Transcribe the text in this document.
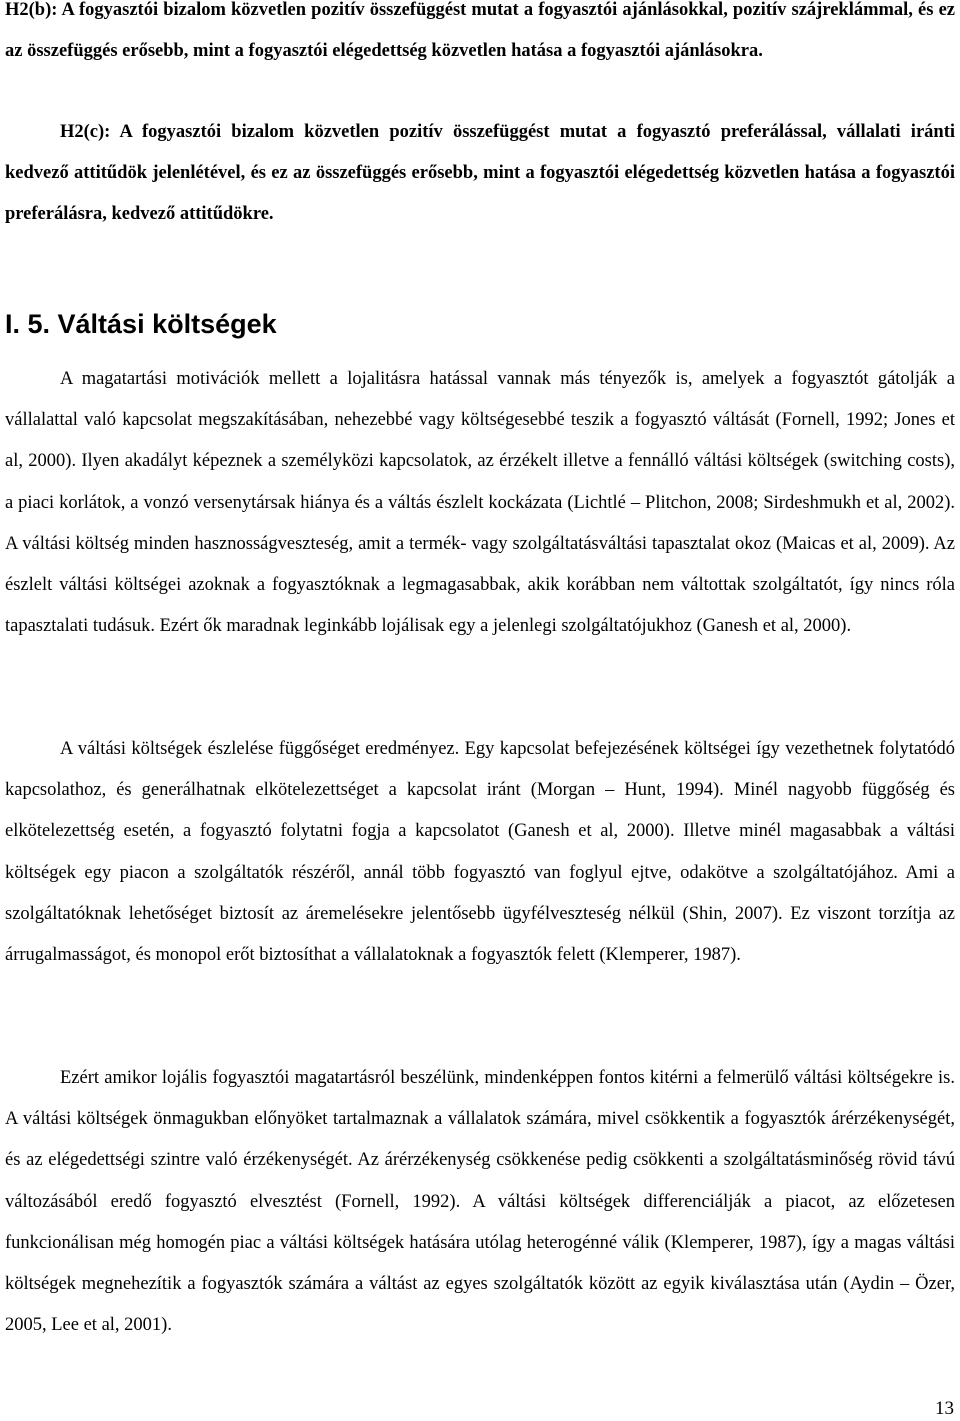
H2(b): A fogyasztói bizalom közvetlen pozitív összefüggést mutat a fogyasztói ajánlásokkal, pozitív szájreklámmal, és ez az összefüggés erősebb, mint a fogyasztói elégedettség közvetlen hatása a fogyasztói ajánlásokra.

H2(c): A fogyasztói bizalom közvetlen pozitív összefüggést mutat a fogyasztó preferálással, vállalati iránti kedvező attitűdök jelenlétével, és ez az összefüggés erősebb, mint a fogyasztói elégedettség közvetlen hatása a fogyasztói preferálásra, kedvező attitűdökre.

I. 5. Váltási költségek

A magatartási motivációk mellett a lojalitásra hatással vannak más tényezők is, amelyek a fogyasztót gátolják a vállalattal való kapcsolat megszakításában, nehezebbé vagy költségesebbé teszik a fogyasztó váltását (Fornell, 1992; Jones et al, 2000). Ilyen akadályt képeznek a személyközi kapcsolatok, az érzékelt illetve a fennálló váltási költségek (switching costs), a piaci korlátok, a vonzó versenytársak hiánya és a váltás észlelt kockázata (Lichtlé – Plitchon, 2008; Sirdeshmukh et al, 2002). A váltási költség minden hasznosságveszteség, amit a termék- vagy szolgáltatásváltási tapasztalat okoz (Maicas et al, 2009). Az észlelt váltási költségei azoknak a fogyasztóknak a legmagasabbak, akik korábban nem váltottak szolgáltatót, így nincs róla tapasztalati tudásuk. Ezért ők maradnak leginkább lojálisak egy a jelenlegi szolgáltatójukhoz (Ganesh et al, 2000).

A váltási költségek észlelése függőséget eredményez. Egy kapcsolat befejezésének költségei így vezethetnek folytatódó kapcsolathoz, és generálhatnak elkötelezettséget a kapcsolat iránt (Morgan – Hunt, 1994). Minél nagyobb függőség és elkötelezettség esetén, a fogyasztó folytatni fogja a kapcsolatot (Ganesh et al, 2000). Illetve minél magasabbak a váltási költségek egy piacon a szolgáltatók részéről, annál több fogyasztó van foglyul ejtve, odakötve a szolgáltatójához. Ami a szolgáltatóknak lehetőséget biztosít az áremelésekre jelentősebb ügyfélveszteség nélkül (Shin, 2007). Ez viszont torzítja az árrugalmasságot, és monopol erőt biztosíthat a vállalatoknak a fogyasztók felett (Klemperer, 1987).

Ezért amikor lojális fogyasztói magatartásról beszélünk, mindenképpen fontos kitérni a felmerülő váltási költségekre is. A váltási költségek önmagukban előnyöket tartalmaznak a vállalatok számára, mivel csökkentik a fogyasztók árérzékenységét, és az elégedettségi szintre való érzékenységét. Az árérzékenység csökkenése pedig csökkenti a szolgáltatásminőség rövid távú változásából eredő fogyasztó elvesztést (Fornell, 1992). A váltási költségek differenciálják a piacot, az előzetesen funkcionálisan még homogén piac a váltási költségek hatására utólag heterogénné válik (Klemperer, 1987), így a magas váltási költségek megnehezítik a fogyasztók számára a váltást az egyes szolgáltatók között az egyik kiválasztása után (Aydin – Özer, 2005, Lee et al, 2001).

13
